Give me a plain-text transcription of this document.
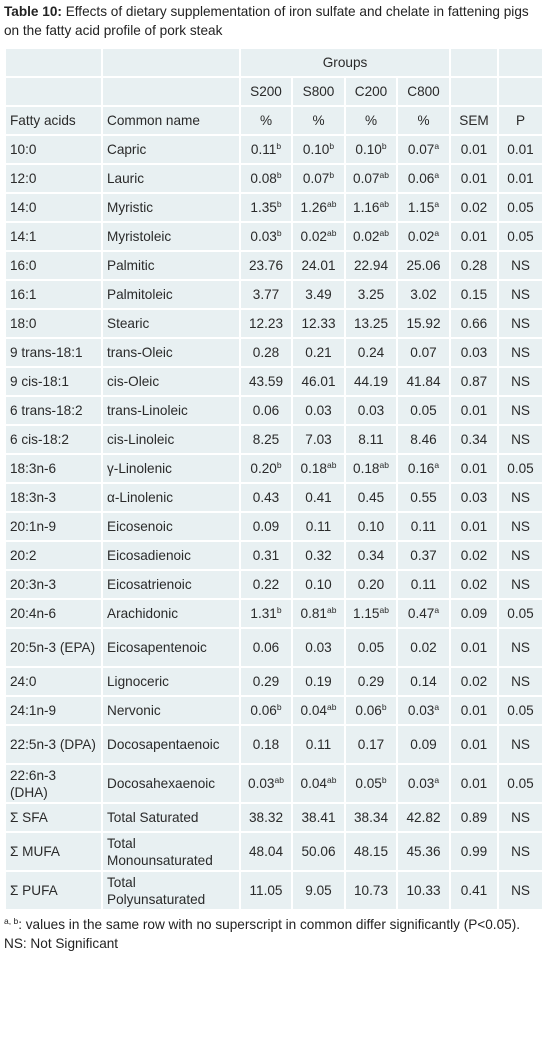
Table 10: Effects of dietary supplementation of iron sulfate and chelate in fattening pigs on the fatty acid profile of pork steak
		Groups					
		S200	S800	C200	C800		
Fatty acids	Common name	%	%	%	%	SEM	P
10:0	Capric	0.11$^b$	0.10$^b$	0.10$^b$	0.07$^a$	0.01	0.01
12:0	Lauric	0.08$^b$	0.07$^b$	0.07$^{ab}$	0.06$^a$	0.01	0.01
14:0	Myristic	1.35$^b$	1.26$^{ab}$	1.16$^{ab}$	1.15$^a$	0.02	0.05
14:1	Myristoleic	0.03$^b$	0.02$^{ab}$	0.02$^{ab}$	0.02$^a$	0.01	0.05
16:0	Palmitic	23.76	24.01	22.94	25.06	0.28	NS
16:1	Palmitoleic	3.77	3.49	3.25	3.02	0.15	NS
18:0	Stearic	12.23	12.33	13.25	15.92	0.66	NS
9 trans-18:1	trans-Oleic	0.28	0.21	0.24	0.07	0.03	NS
9 cis-18:1	cis-Oleic	43.59	46.01	44.19	41.84	0.87	NS
6 trans-18:2	trans-Linoleic	0.06	0.03	0.03	0.05	0.01	NS
6 cis-18:2	cis-Linoleic	8.25	7.03	8.11	8.46	0.34	NS
18:3n-6	γ-Linolenic	0.20$^b$	0.18$^{ab}$	0.18$^{ab}$	0.16$^a$	0.01	0.05
18:3n-3	α-Linolenic	0.43	0.41	0.45	0.55	0.03	NS
20:1n-9	Eicosenoic	0.09	0.11	0.10	0.11	0.01	NS
20:2	Eicosadienoic	0.31	0.32	0.34	0.37	0.02	NS
20:3n-3	Eicosatrienoic	0.22	0.10	0.20	0.11	0.02	NS
20:4n-6	Arachidonic	1.31$^b$	0.81$^{ab}$	1.15$^{ab}$	0.47$^a$	0.09	0.05
20:5n-3 (EPA)	Eicosapentenoic	0.06	0.03	0.05	0.02	0.01	NS
24:0	Lignoceric	0.29	0.19	0.29	0.14	0.02	NS
24:1n-9	Nervonic	0.06$^b$	0.04$^{ab}$	0.06$^b$	0.03$^a$	0.01	0.05
22:5n-3 (DPA)	Docosapentaenoic	0.18	0.11	0.17	0.09	0.01	NS
22:6n-3 (DHA)	Docosahexaenoic	0.03$^{ab}$	0.04$^{ab}$	0.05$^b$	0.03$^a$	0.01	0.05
Σ SFA	Total Saturated	38.32	38.41	38.34	42.82	0.89	NS
Σ MUFA	Total Monounsaturated	48.04	50.06	48.15	45.36	0.99	NS
Σ PUFA	Total Polyunsaturated	11.05	9.05	10.73	10.33	0.41	NS
$^{a, b}$: values in the same row with no superscript in common differ significantly (P<0.05).
NS: Not Significant
